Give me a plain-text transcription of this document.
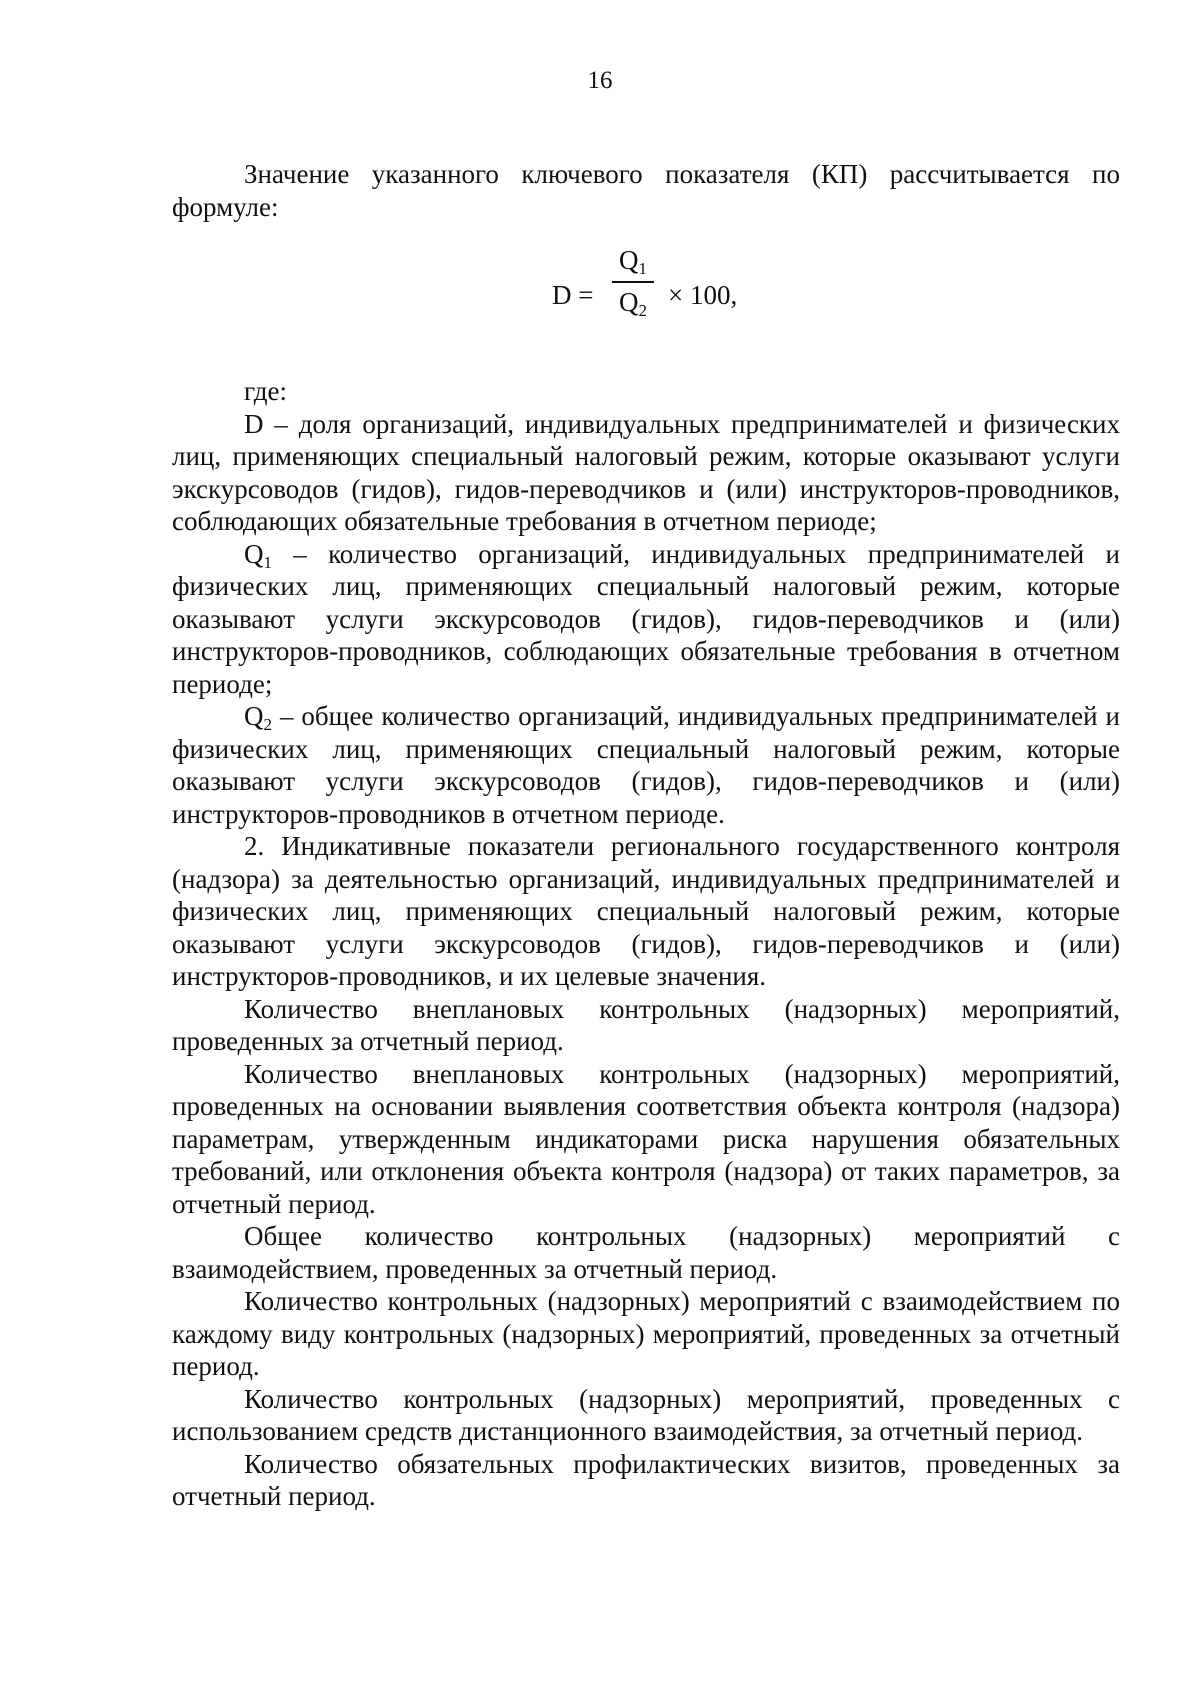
16

Значение указанного ключевого показателя (КП) рассчитывается по формуле:

D =
$Q_1$
$Q_2$
× 100,

где:

D – доля организаций, индивидуальных предпринимателей и физических лиц, применяющих специальный налоговый режим, которые оказывают услуги экскурсоводов (гидов), гидов-переводчиков и (или) инструкторов-проводников, соблюдающих обязательные требования в отчетном периоде;

$Q_1$ – количество организаций, индивидуальных предпринимателей и физических лиц, применяющих специальный налоговый режим, которые оказывают услуги экскурсоводов (гидов), гидов-переводчиков и (или) инструкторов-проводников, соблюдающих обязательные требования в отчетном периоде;

$Q_2$ – общее количество организаций, индивидуальных предпринимателей и физических лиц, применяющих специальный налоговый режим, которые оказывают услуги экскурсоводов (гидов), гидов-переводчиков и (или) инструкторов-проводников в отчетном периоде.

2. Индикативные показатели регионального государственного контроля (надзора) за деятельностью организаций, индивидуальных предпринимателей и физических лиц, применяющих специальный налоговый режим, которые оказывают услуги экскурсоводов (гидов), гидов-переводчиков и (или) инструкторов-проводников, и их целевые значения.

Количество внеплановых контрольных (надзорных) мероприятий, проведенных за отчетный период.

Количество внеплановых контрольных (надзорных) мероприятий, проведенных на основании выявления соответствия объекта контроля (надзора) параметрам, утвержденным индикаторами риска нарушения обязательных требований, или отклонения объекта контроля (надзора) от таких параметров, за отчетный период.

Общее количество контрольных (надзорных) мероприятий с взаимодействием, проведенных за отчетный период.

Количество контрольных (надзорных) мероприятий с взаимодействием по каждому виду контрольных (надзорных) мероприятий, проведенных за отчетный период.

Количество контрольных (надзорных) мероприятий, проведенных с использованием средств дистанционного взаимодействия, за отчетный период.

Количество обязательных профилактических визитов, проведенных за отчетный период.
